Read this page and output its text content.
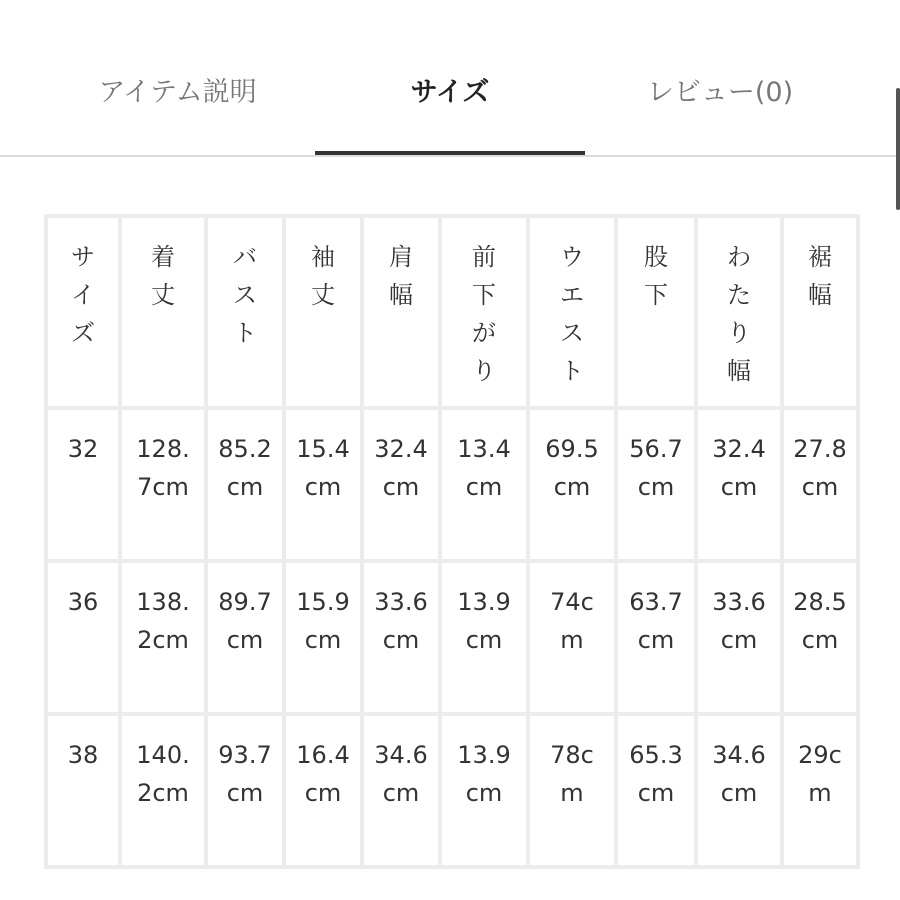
アイテム説明	サイズ	レビュー(0)
サイズ	着丈	バスト	袖丈	肩幅	前下がり	ウエスト	股下	わたり幅	裾幅
32	128.7cm	85.2cm	15.4cm	32.4cm	13.4cm	69.5cm	56.7cm	32.4cm	27.8cm
36	138.2cm	89.7cm	15.9cm	33.6cm	13.9cm	74cm	63.7cm	33.6cm	28.5cm
38	140.2cm	93.7cm	16.4cm	34.6cm	13.9cm	78cm	65.3cm	34.6cm	29cm
